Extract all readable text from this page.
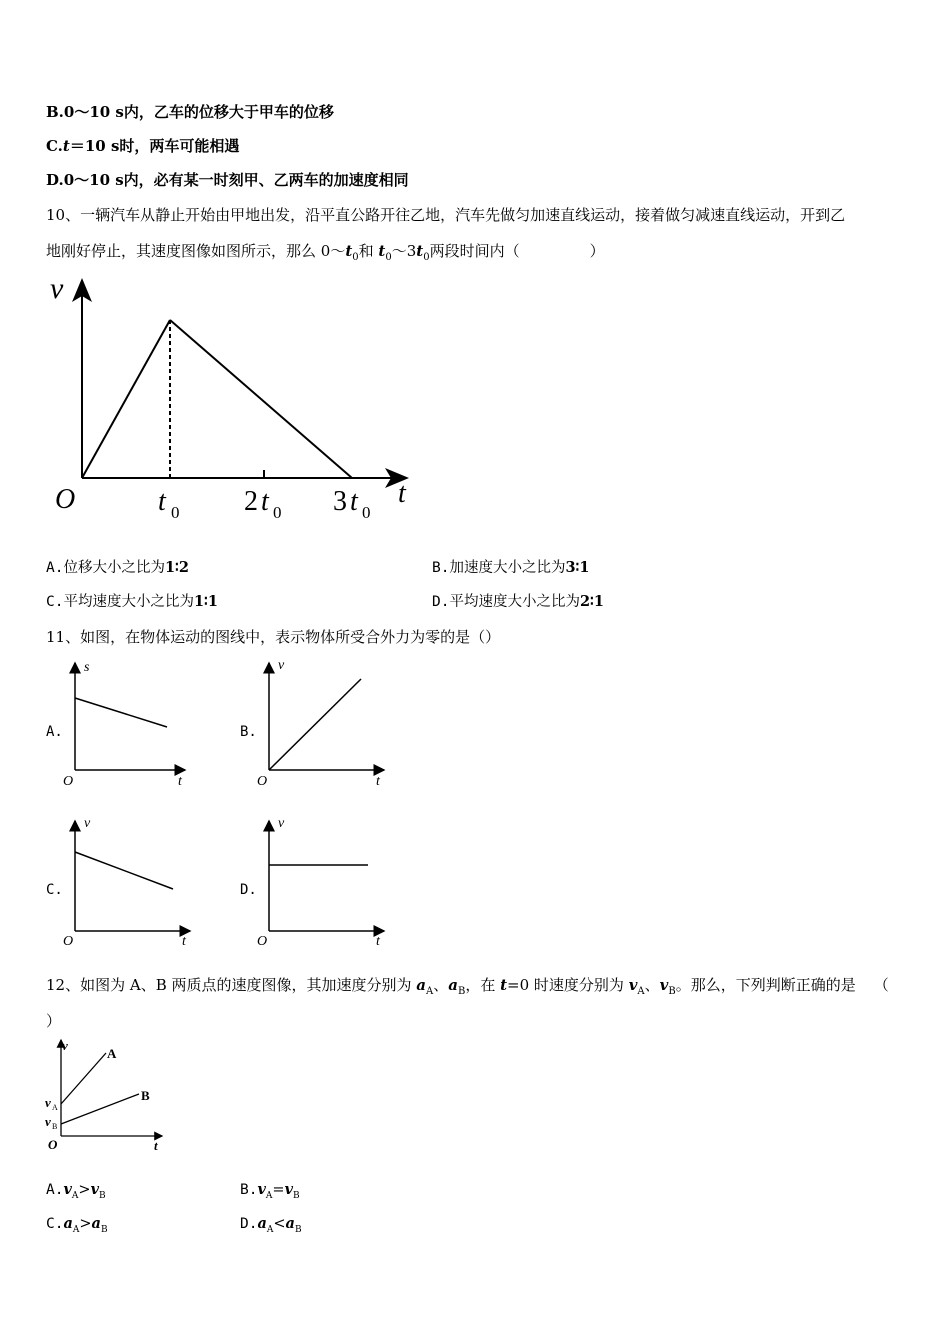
B.0～10 s内，乙车的位移大于甲车的位移
C.t＝10 s时，两车可能相遇
D.0～10 s内，必有某一时刻甲、乙两车的加速度相同
10、一辆汽车从静止开始由甲地出发，沿平直公路开往乙地，汽车先做匀加速直线运动，接着做匀减速直线运动，开到乙
地刚好停止，其速度图像如图所示，那么 $0\sim t_0$和 $t_0\sim 3t_0$两段时间内（	）
v
O	t
t 0 2 t 0 3 t 0
A.位移大小之比为1∶2	B.加速度大小之比为3∶1
C.平均速度大小之比为1∶1	D.平均速度大小之比为2∶1
11、如图，在物体运动的图线中，表示物体所受合外力为零的是（）
A.
s
t
O
B.
v
t
O
C.
v
t
O
D.
v
t
O
12、如图为 A、B 两质点的速度图像，其加速度分别为 $a_A$、$a_B$，在 t=0 时速度分别为 $v_A$、$v_B$。那么，下列判断正确的是 （
）
v
A
B
v A
v B
O	t
$A.v_A>v_B$	$B.v_A=v_B$
$C.a_A>a_B$	$D.a_A<a_B$
